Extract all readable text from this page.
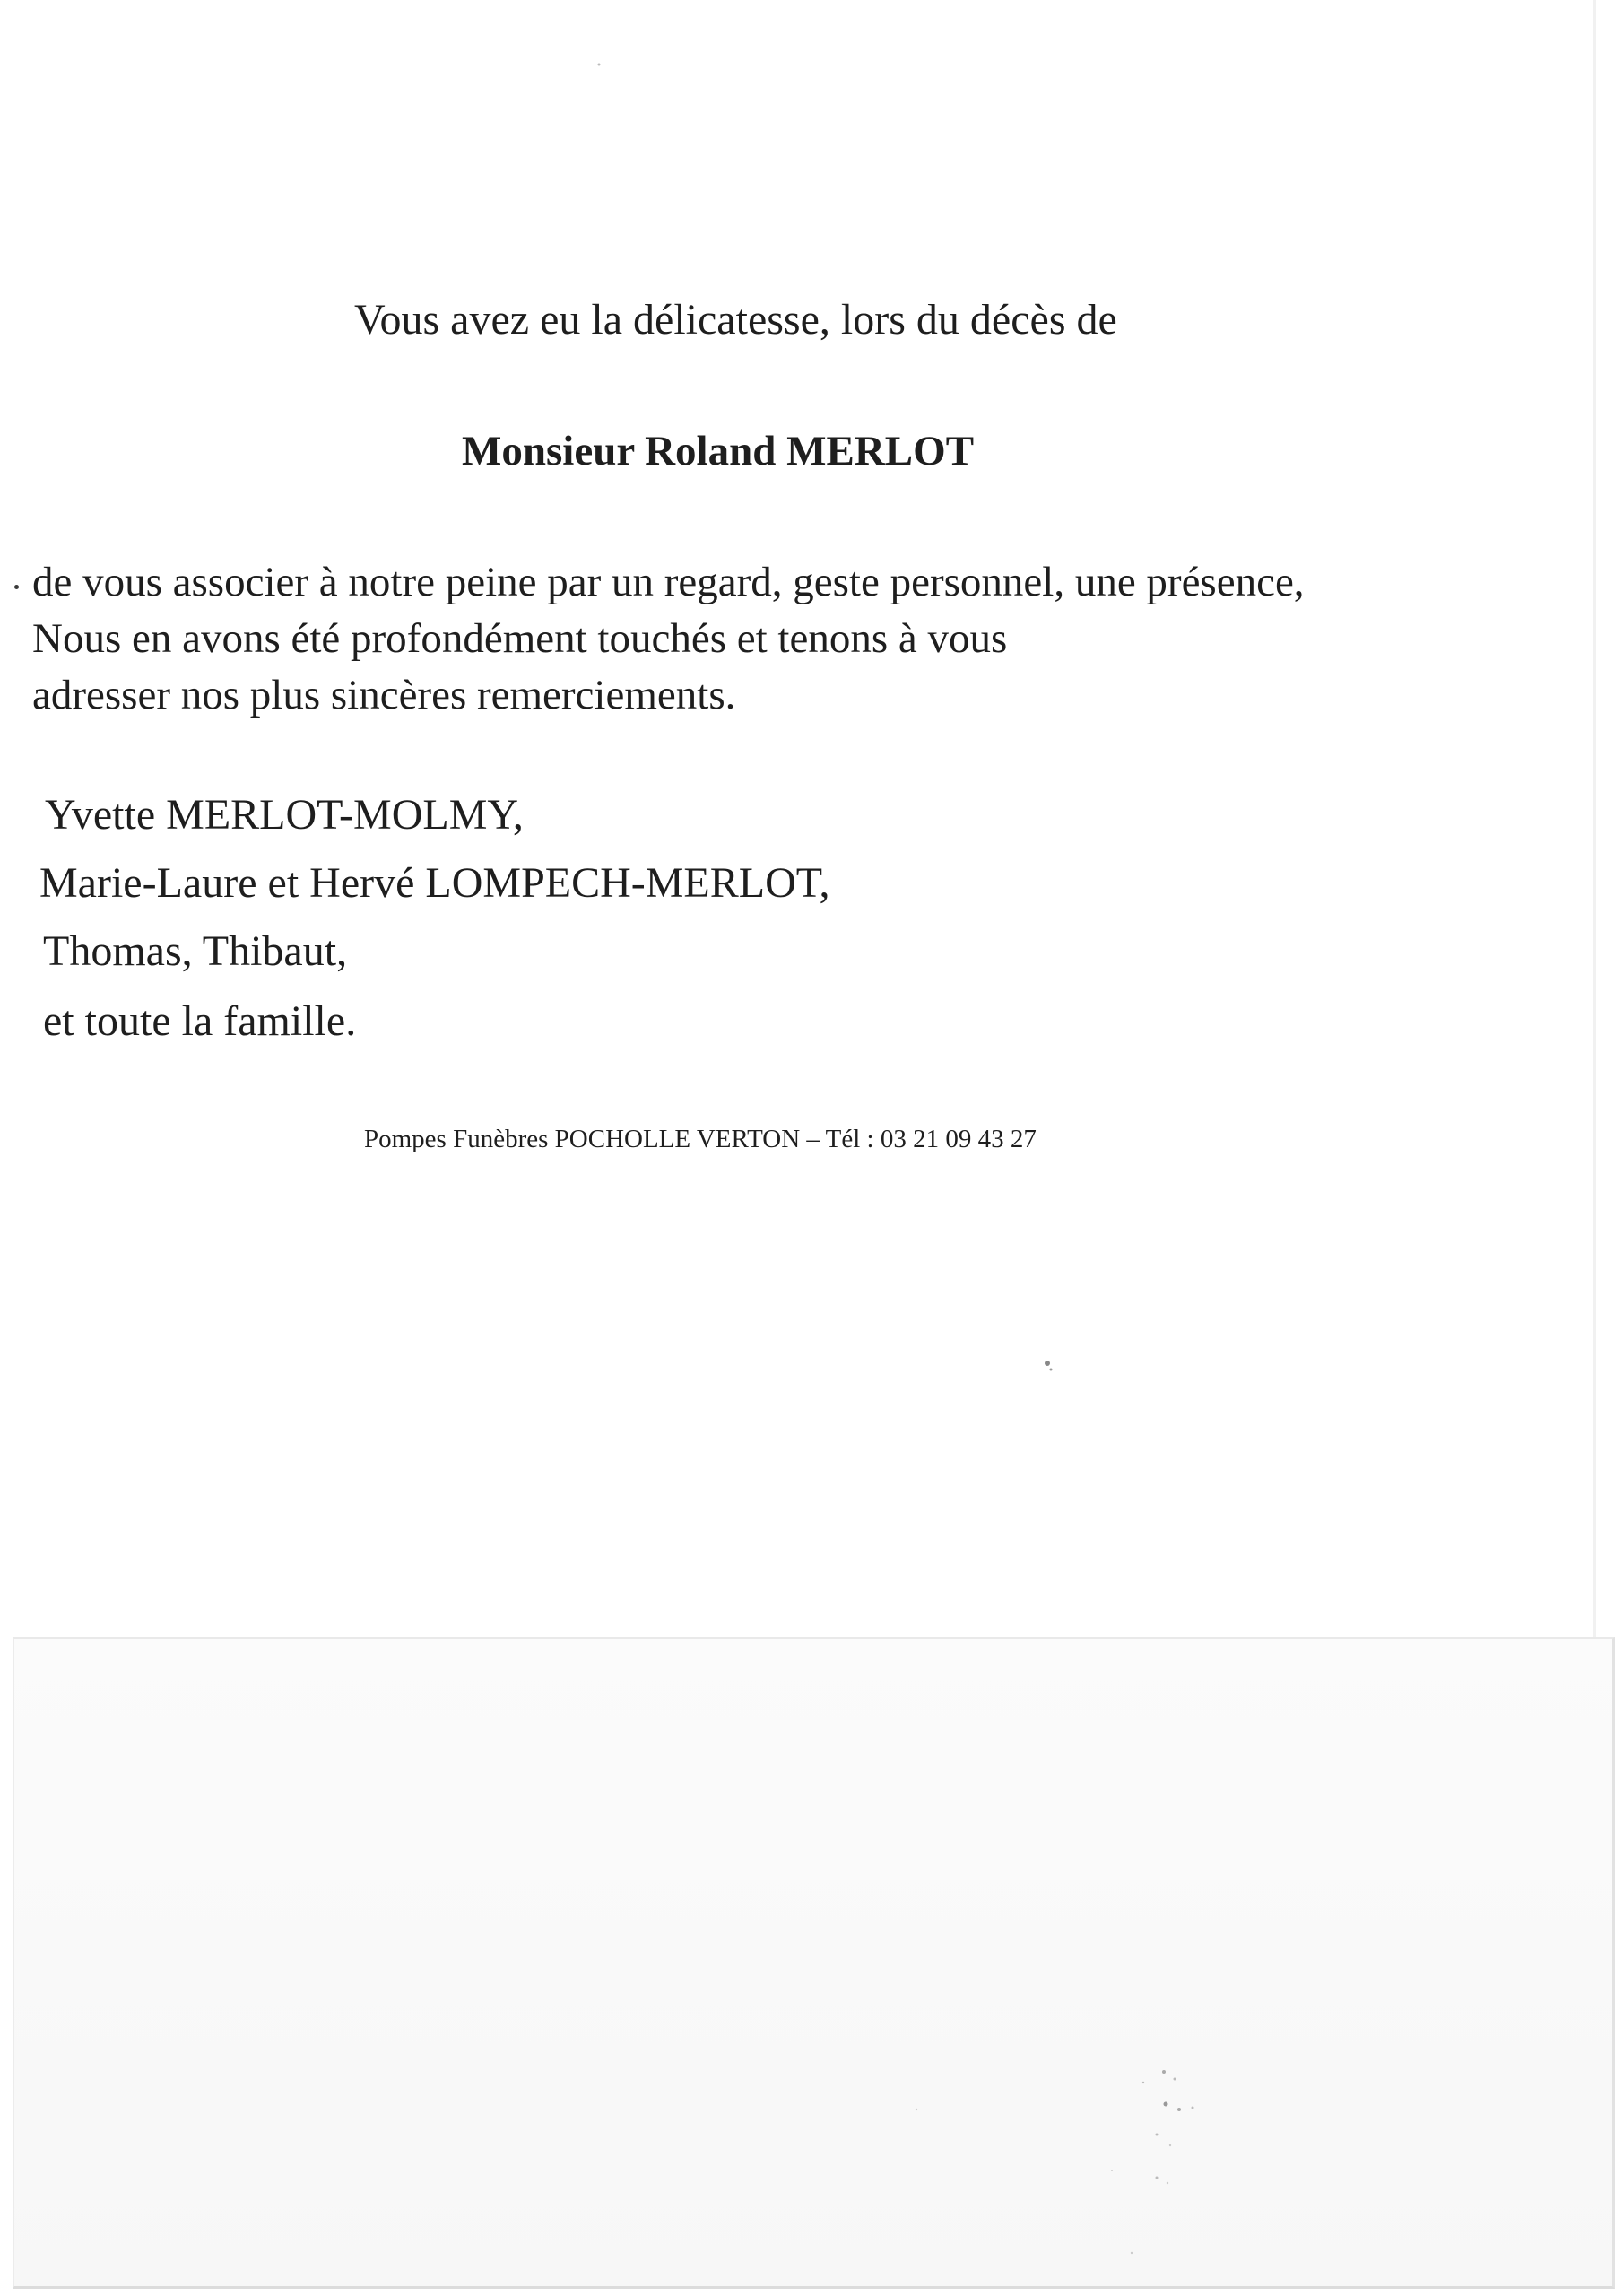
Vous avez eu la délicatesse, lors du décès de
Monsieur Roland MERLOT
de vous associer à notre peine par un regard, geste personnel, une présence,
Nous en avons été profondément touchés et tenons à vous
adresser nos plus sincères remerciements.
Yvette MERLOT-MOLMY,
Marie-Laure et Hervé LOMPECH-MERLOT,
Thomas, Thibaut,
et toute la famille.
Pompes Funèbres POCHOLLE VERTON – Tél : 03 21 09 43 27
